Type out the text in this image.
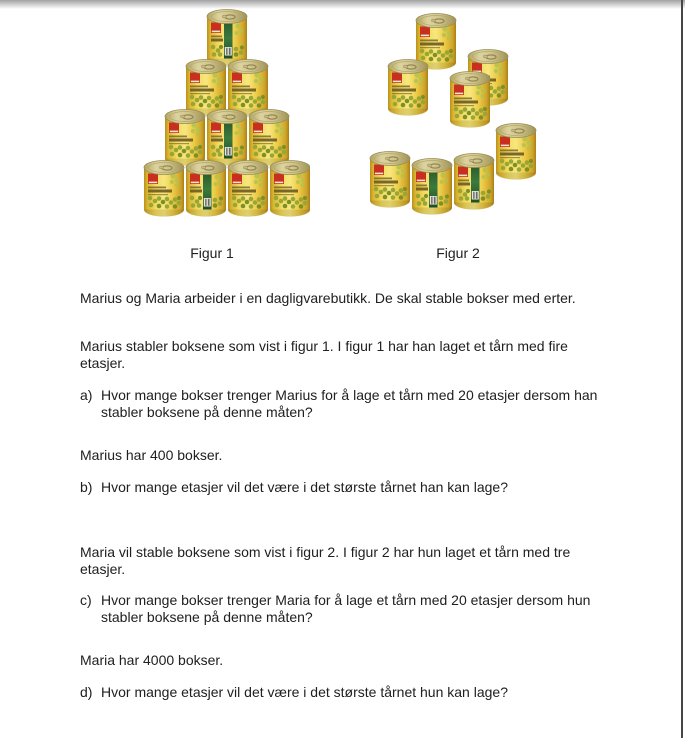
Figur 1	Figur 2
Marius og Maria arbeider i en dagligvarebutikk. De skal stable bokser med erter.
Marius stabler boksene som vist i figur 1. I figur 1 har han laget et tårn med fire
etasjer.
a) Hvor mange bokser trenger Marius for å lage et tårn med 20 etasjer dersom han
stabler boksene på denne måten?
Marius har 400 bokser.
b) Hvor mange etasjer vil det være i det største tårnet han kan lage?
Maria vil stable boksene som vist i figur 2. I figur 2 har hun laget et tårn med tre
etasjer.
c) Hvor mange bokser trenger Maria for å lage et tårn med 20 etasjer dersom hun
stabler boksene på denne måten?
Maria har 4000 bokser.
d) Hvor mange etasjer vil det være i det største tårnet hun kan lage?
